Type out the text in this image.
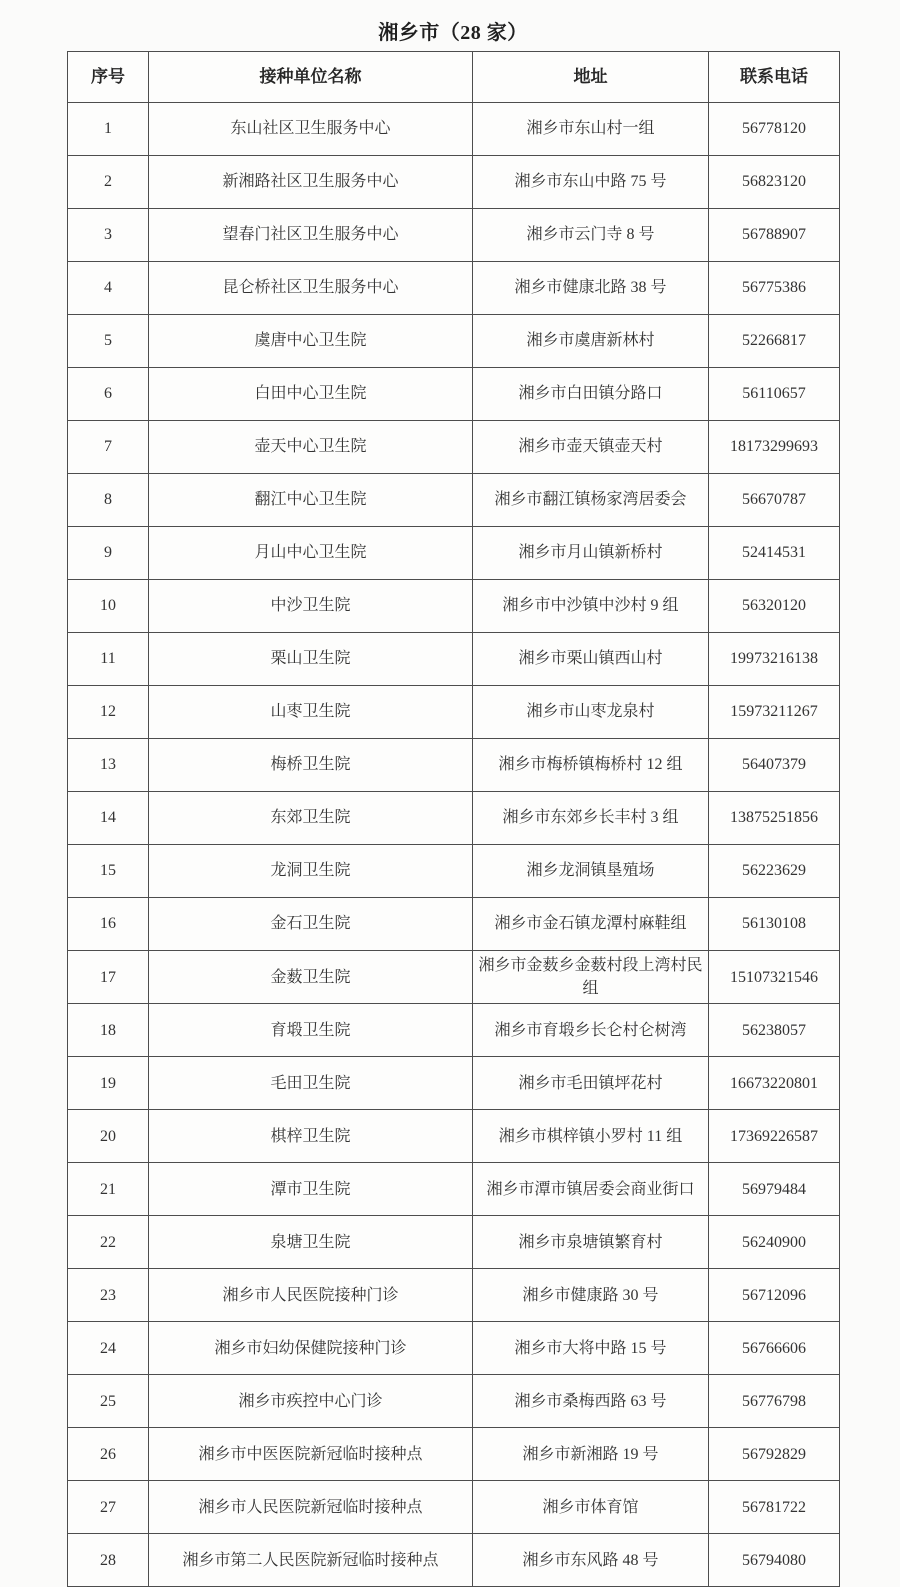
湘乡市（28 家）
序号	接种单位名称	地址	联系电话
1	东山社区卫生服务中心	湘乡市东山村一组	56778120
2	新湘路社区卫生服务中心	湘乡市东山中路 75 号	56823120
3	望春门社区卫生服务中心	湘乡市云门寺 8 号	56788907
4	昆仑桥社区卫生服务中心	湘乡市健康北路 38 号	56775386
5	虞唐中心卫生院	湘乡市虞唐新林村	52266817
6	白田中心卫生院	湘乡市白田镇分路口	56110657
7	壶天中心卫生院	湘乡市壶天镇壶天村	18173299693
8	翻江中心卫生院	湘乡市翻江镇杨家湾居委会	56670787
9	月山中心卫生院	湘乡市月山镇新桥村	52414531
10	中沙卫生院	湘乡市中沙镇中沙村 9 组	56320120
11	栗山卫生院	湘乡市栗山镇西山村	19973216138
12	山枣卫生院	湘乡市山枣龙泉村	15973211267
13	梅桥卫生院	湘乡市梅桥镇梅桥村 12 组	56407379
14	东郊卫生院	湘乡市东郊乡长丰村 3 组	13875251856
15	龙洞卫生院	湘乡龙洞镇垦殖场	56223629
16	金石卫生院	湘乡市金石镇龙潭村麻鞋组	56130108
17	金薮卫生院	湘乡市金薮乡金薮村段上湾村民组	15107321546
18	育塅卫生院	湘乡市育塅乡长仑村仑树湾	56238057
19	毛田卫生院	湘乡市毛田镇坪花村	16673220801
20	棋梓卫生院	湘乡市棋梓镇小罗村 11 组	17369226587
21	潭市卫生院	湘乡市潭市镇居委会商业街口	56979484
22	泉塘卫生院	湘乡市泉塘镇繁育村	56240900
23	湘乡市人民医院接种门诊	湘乡市健康路 30 号	56712096
24	湘乡市妇幼保健院接种门诊	湘乡市大将中路 15 号	56766606
25	湘乡市疾控中心门诊	湘乡市桑梅西路 63 号	56776798
26	湘乡市中医医院新冠临时接种点	湘乡市新湘路 19 号	56792829
27	湘乡市人民医院新冠临时接种点	湘乡市体育馆	56781722
28	湘乡市第二人民医院新冠临时接种点	湘乡市东风路 48 号	56794080
